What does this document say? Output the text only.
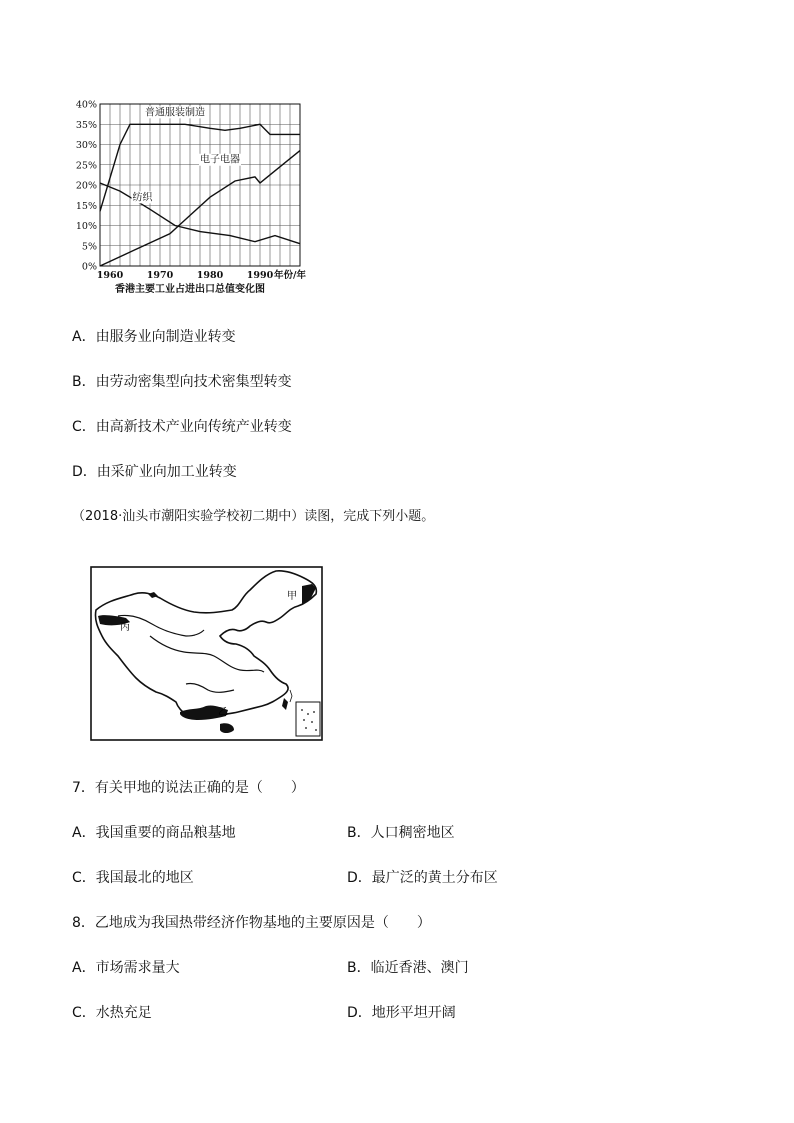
0%
5%
10%
15%
20%
25%
30%
35%
40%
1960 1970 1980 1990 年份/年
普通服装制造
电子电器
纺织
香港主要工业占进出口总值变化图
A．由服务业向制造业转变
B．由劳动密集型向技术密集型转变
C．由高新技术产业向传统产业转变
D．由采矿业向加工业转变
（2018·汕头市潮阳实验学校初二期中）读图，完成下列小题。
甲
乙
丙
7．有关甲地的说法正确的是（　　）
A．我国重要的商品粮基地	B．人口稠密地区
C．我国最北的地区	D．最广泛的黄土分布区
8．乙地成为我国热带经济作物基地的主要原因是（　　）
A．市场需求量大	B．临近香港、澳门
C．水热充足	D．地形平坦开阔
